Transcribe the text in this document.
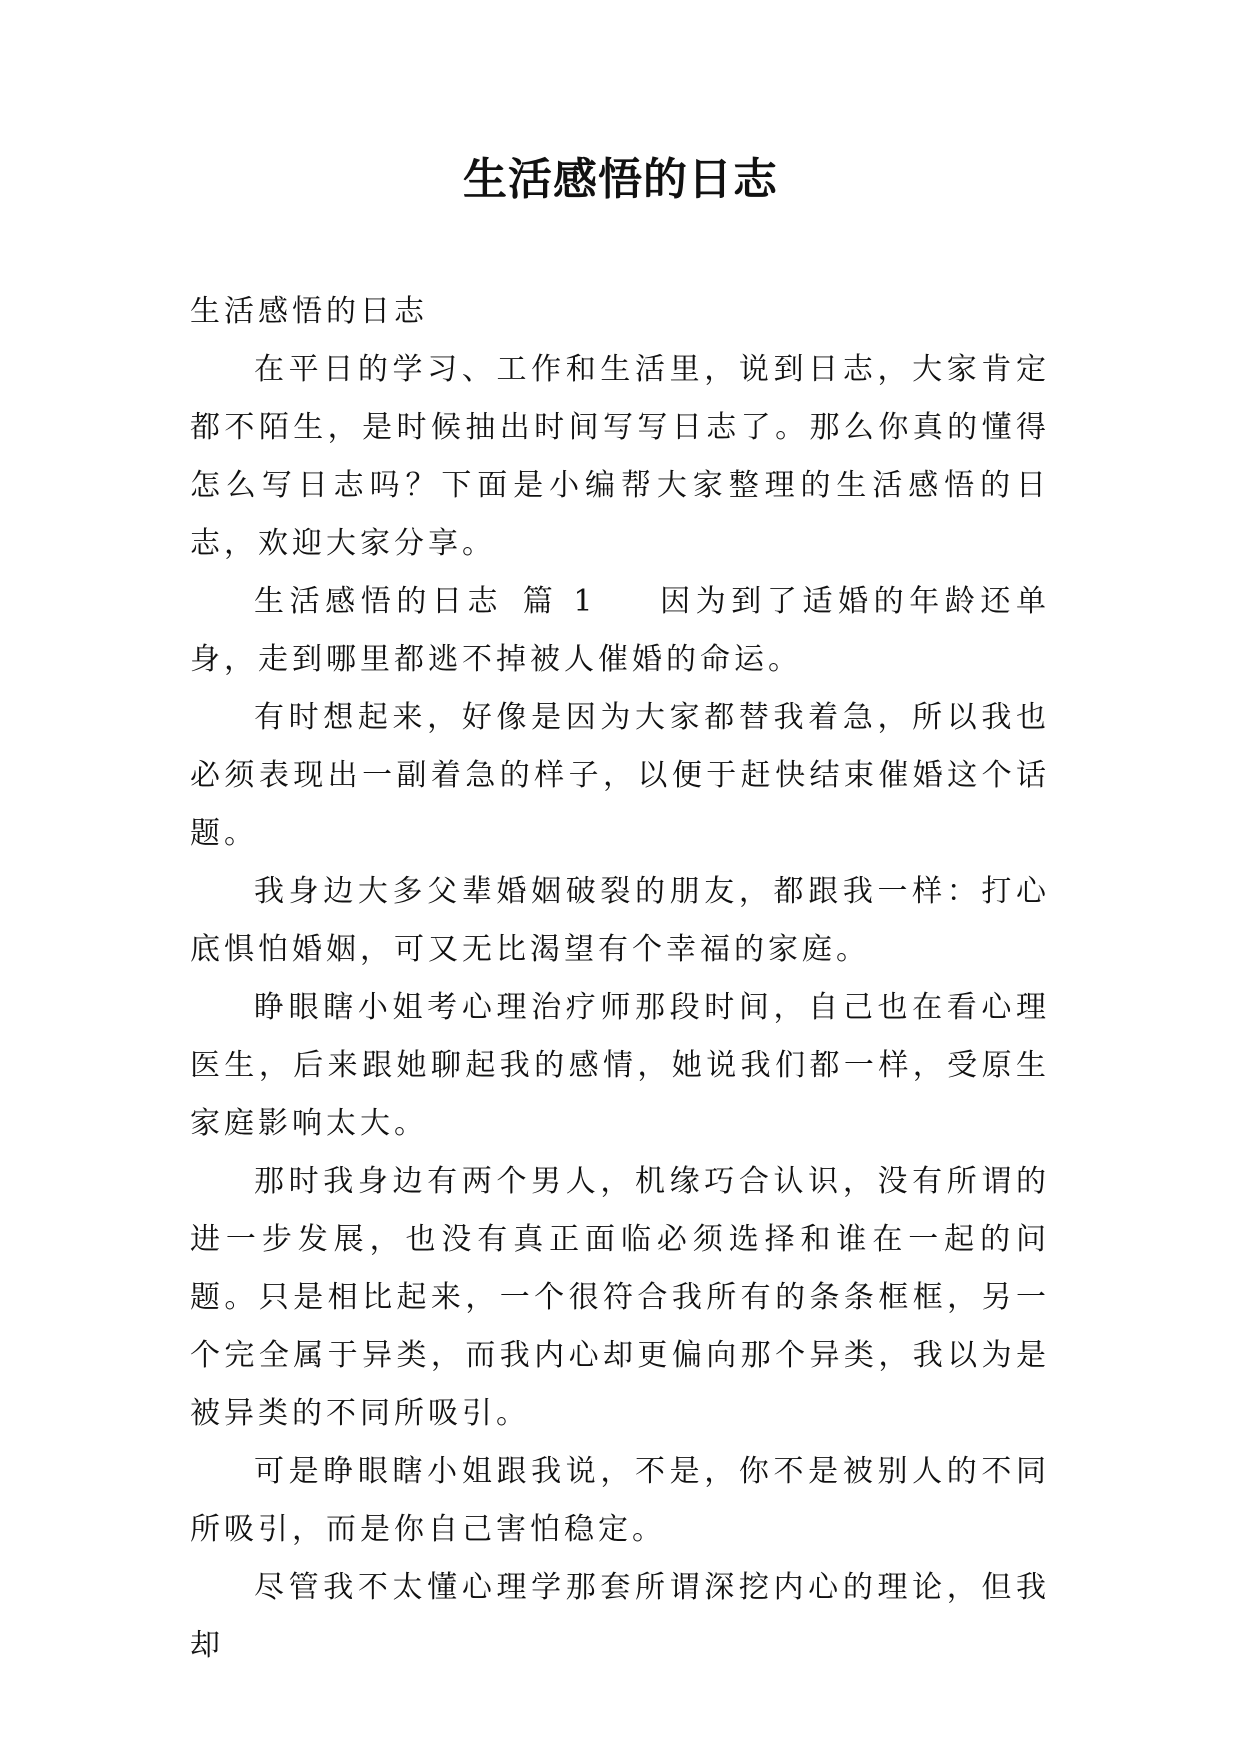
生活感悟的日志

生活感悟的日志

在平日的学习、工作和生活里，说到日志，大家肯定都不陌生，是时候抽出时间写写日志了。那么你真的懂得怎么写日志吗？下面是小编帮大家整理的生活感悟的日志，欢迎大家分享。

生活感悟的日志 篇 1 因为到了适婚的年龄还单身，走到哪里都逃不掉被人催婚的命运。

有时想起来，好像是因为大家都替我着急，所以我也必须表现出一副着急的样子，以便于赶快结束催婚这个话题。

我身边大多父辈婚姻破裂的朋友，都跟我一样：打心底惧怕婚姻，可又无比渴望有个幸福的家庭。

睁眼瞎小姐考心理治疗师那段时间，自己也在看心理医生，后来跟她聊起我的感情，她说我们都一样，受原生家庭影响太大。

那时我身边有两个男人，机缘巧合认识，没有所谓的进一步发展，也没有真正面临必须选择和谁在一起的问题。只是相比起来，一个很符合我所有的条条框框，另一个完全属于异类，而我内心却更偏向那个异类，我以为是被异类的不同所吸引。

可是睁眼瞎小姐跟我说，不是，你不是被别人的不同所吸引，而是你自己害怕稳定。

尽管我不太懂心理学那套所谓深挖内心的理论，但我却
